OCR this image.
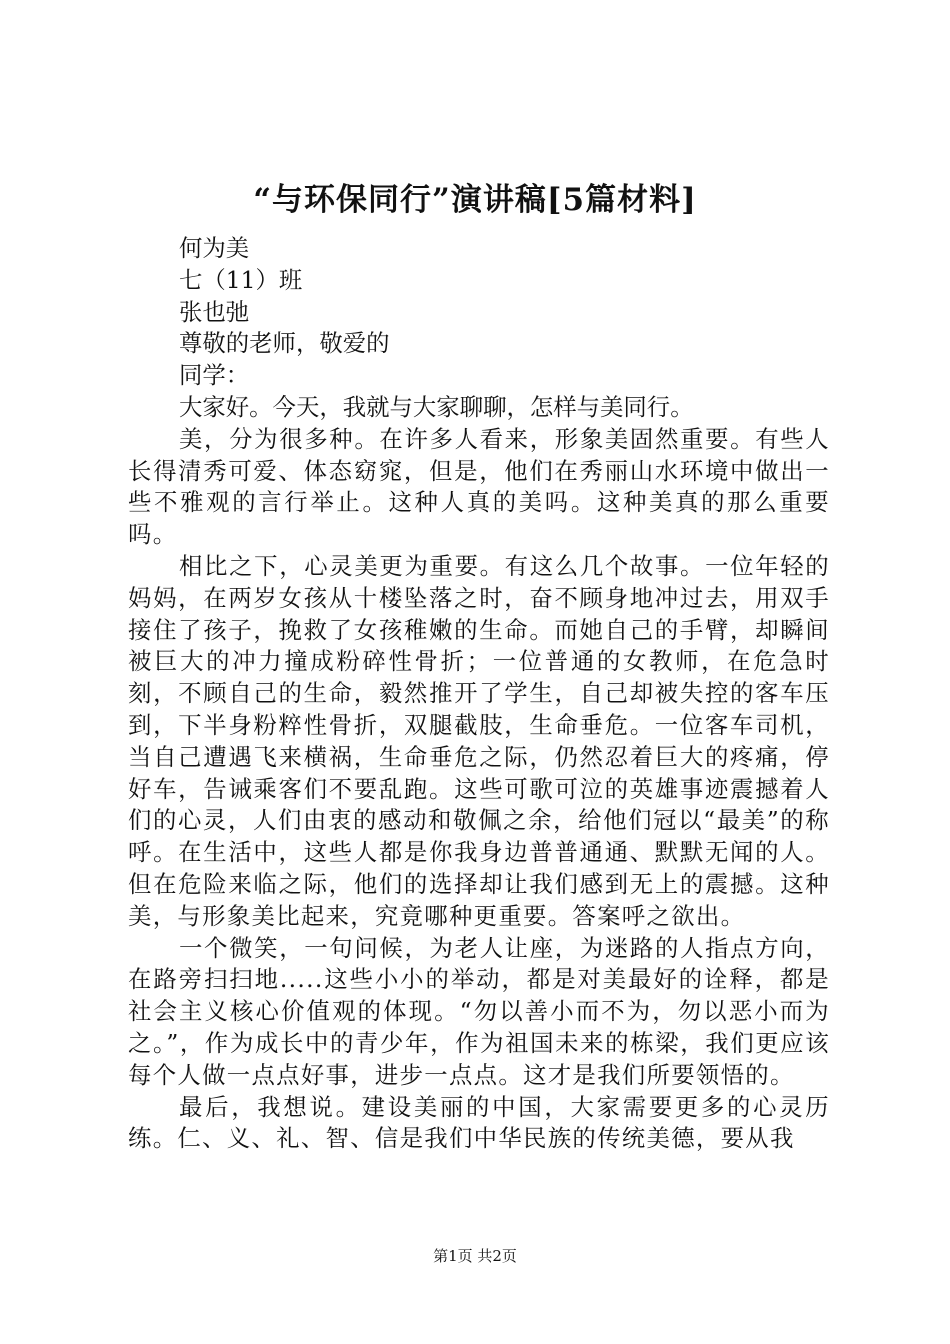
“与环保同行”演讲稿[5篇材料]

何为美

七（11）班

张也弛

尊敬的老师，敬爱的

同学：

大家好。今天，我就与大家聊聊，怎样与美同行。

美，分为很多种。在许多人看来，形象美固然重要。有些人长得清秀可爱、体态窈窕，但是，他们在秀丽山水环境中做出一些不雅观的言行举止。这种人真的美吗。这种美真的那么重要吗。

相比之下，心灵美更为重要。有这么几个故事。一位年轻的妈妈，在两岁女孩从十楼坠落之时，奋不顾身地冲过去，用双手接住了孩子，挽救了女孩稚嫩的生命。而她自己的手臂，却瞬间被巨大的冲力撞成粉碎性骨折；一位普通的女教师，在危急时刻，不顾自己的生命，毅然推开了学生，自己却被失控的客车压到，下半身粉粹性骨折，双腿截肢，生命垂危。一位客车司机，当自己遭遇飞来横祸，生命垂危之际，仍然忍着巨大的疼痛，停好车，告诫乘客们不要乱跑。这些可歌可泣的英雄事迹震撼着人们的心灵，人们由衷的感动和敬佩之余，给他们冠以“最美”的称呼。在生活中，这些人都是你我身边普普通通、默默无闻的人。但在危险来临之际，他们的选择却让我们感到无上的震撼。这种美，与形象美比起来，究竟哪种更重要。答案呼之欲出。

一个微笑，一句问候，为老人让座，为迷路的人指点方向，在路旁扫扫地.....这些小小的举动，都是对美最好的诠释，都是社会主义核心价值观的体现。“勿以善小而不为，勿以恶小而为之。”，作为成长中的青少年，作为祖国未来的栋梁，我们更应该每个人做一点点好事，进步一点点。这才是我们所要领悟的。

最后，我想说。建设美丽的中国，大家需要更多的心灵历练。仁、义、礼、智、信是我们中华民族的传统美德，要从我

第1页 共2页
